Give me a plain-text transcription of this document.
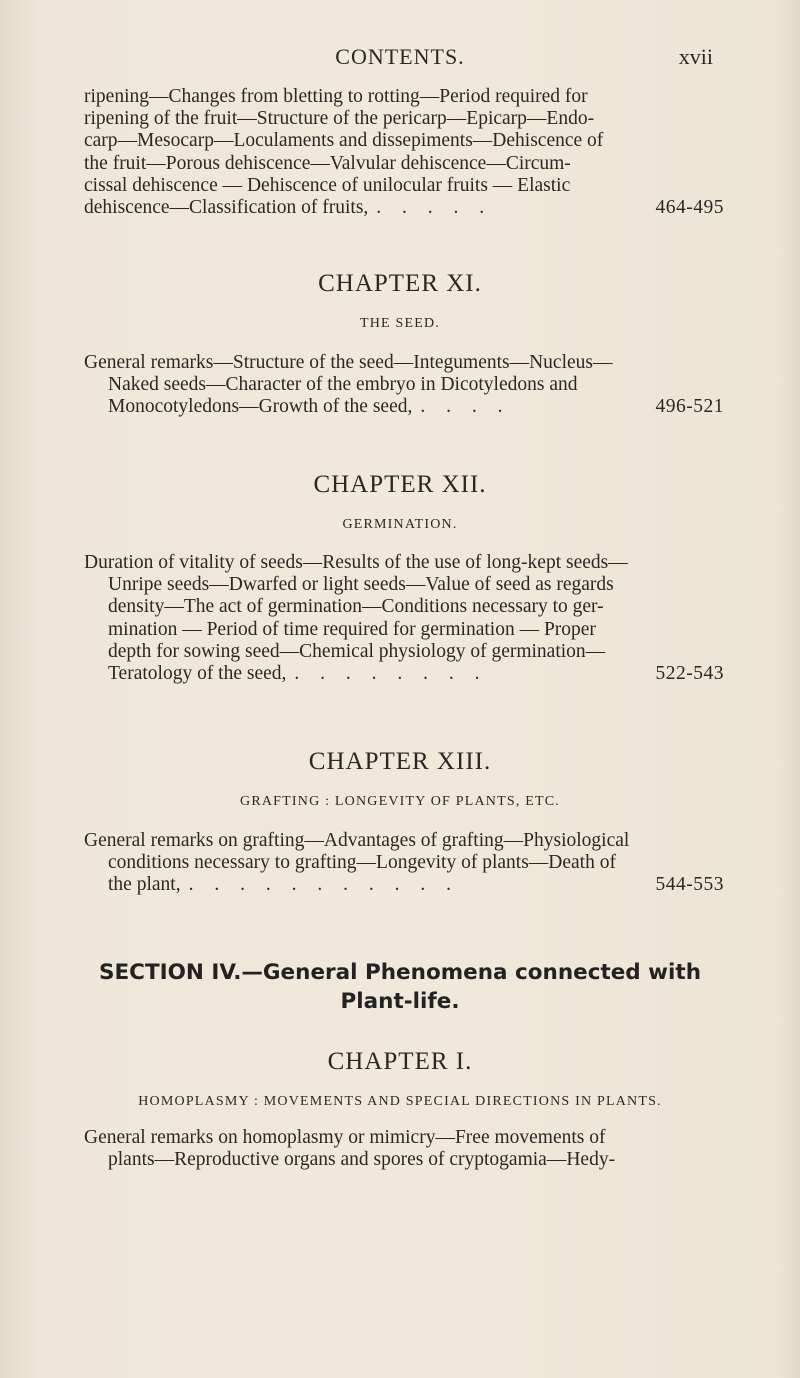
CONTENTS.	xvii
ripening—Changes from bletting to rotting—Period required for
ripening of the fruit—Structure of the pericarp—Epicarp—Endo-
carp—Mesocarp—Loculaments and dissepiments—Dehiscence of
the fruit—Porous dehiscence—Valvular dehiscence—Circum-
cissal dehiscence — Dehiscence of unilocular fruits — Elastic
dehiscence—Classification of fruits, . . . . .	464-495
CHAPTER XI.
THE SEED.
General remarks—Structure of the seed—Integuments—Nucleus—
Naked seeds—Character of the embryo in Dicotyledons and
Monocotyledons—Growth of the seed, . . . .	496-521
CHAPTER XII.
GERMINATION.
Duration of vitality of seeds—Results of the use of long-kept seeds—
Unripe seeds—Dwarfed or light seeds—Value of seed as regards
density—The act of germination—Conditions necessary to ger-
mination — Period of time required for germination — Proper
depth for sowing seed—Chemical physiology of germination—
Teratology of the seed, . . . . . . . .	522-543
CHAPTER XIII.
GRAFTING : LONGEVITY OF PLANTS, ETC.
General remarks on grafting—Advantages of grafting—Physiological
conditions necessary to grafting—Longevity of plants—Death of
the plant, . . . . . . . . . . .	544-553
SECTION IV.—General Phenomena connected with
Plant-life.
CHAPTER I.
HOMOPLASMY : MOVEMENTS AND SPECIAL DIRECTIONS IN PLANTS.
General remarks on homoplasmy or mimicry—Free movements of
plants—Reproductive organs and spores of cryptogamia—Hedy-
